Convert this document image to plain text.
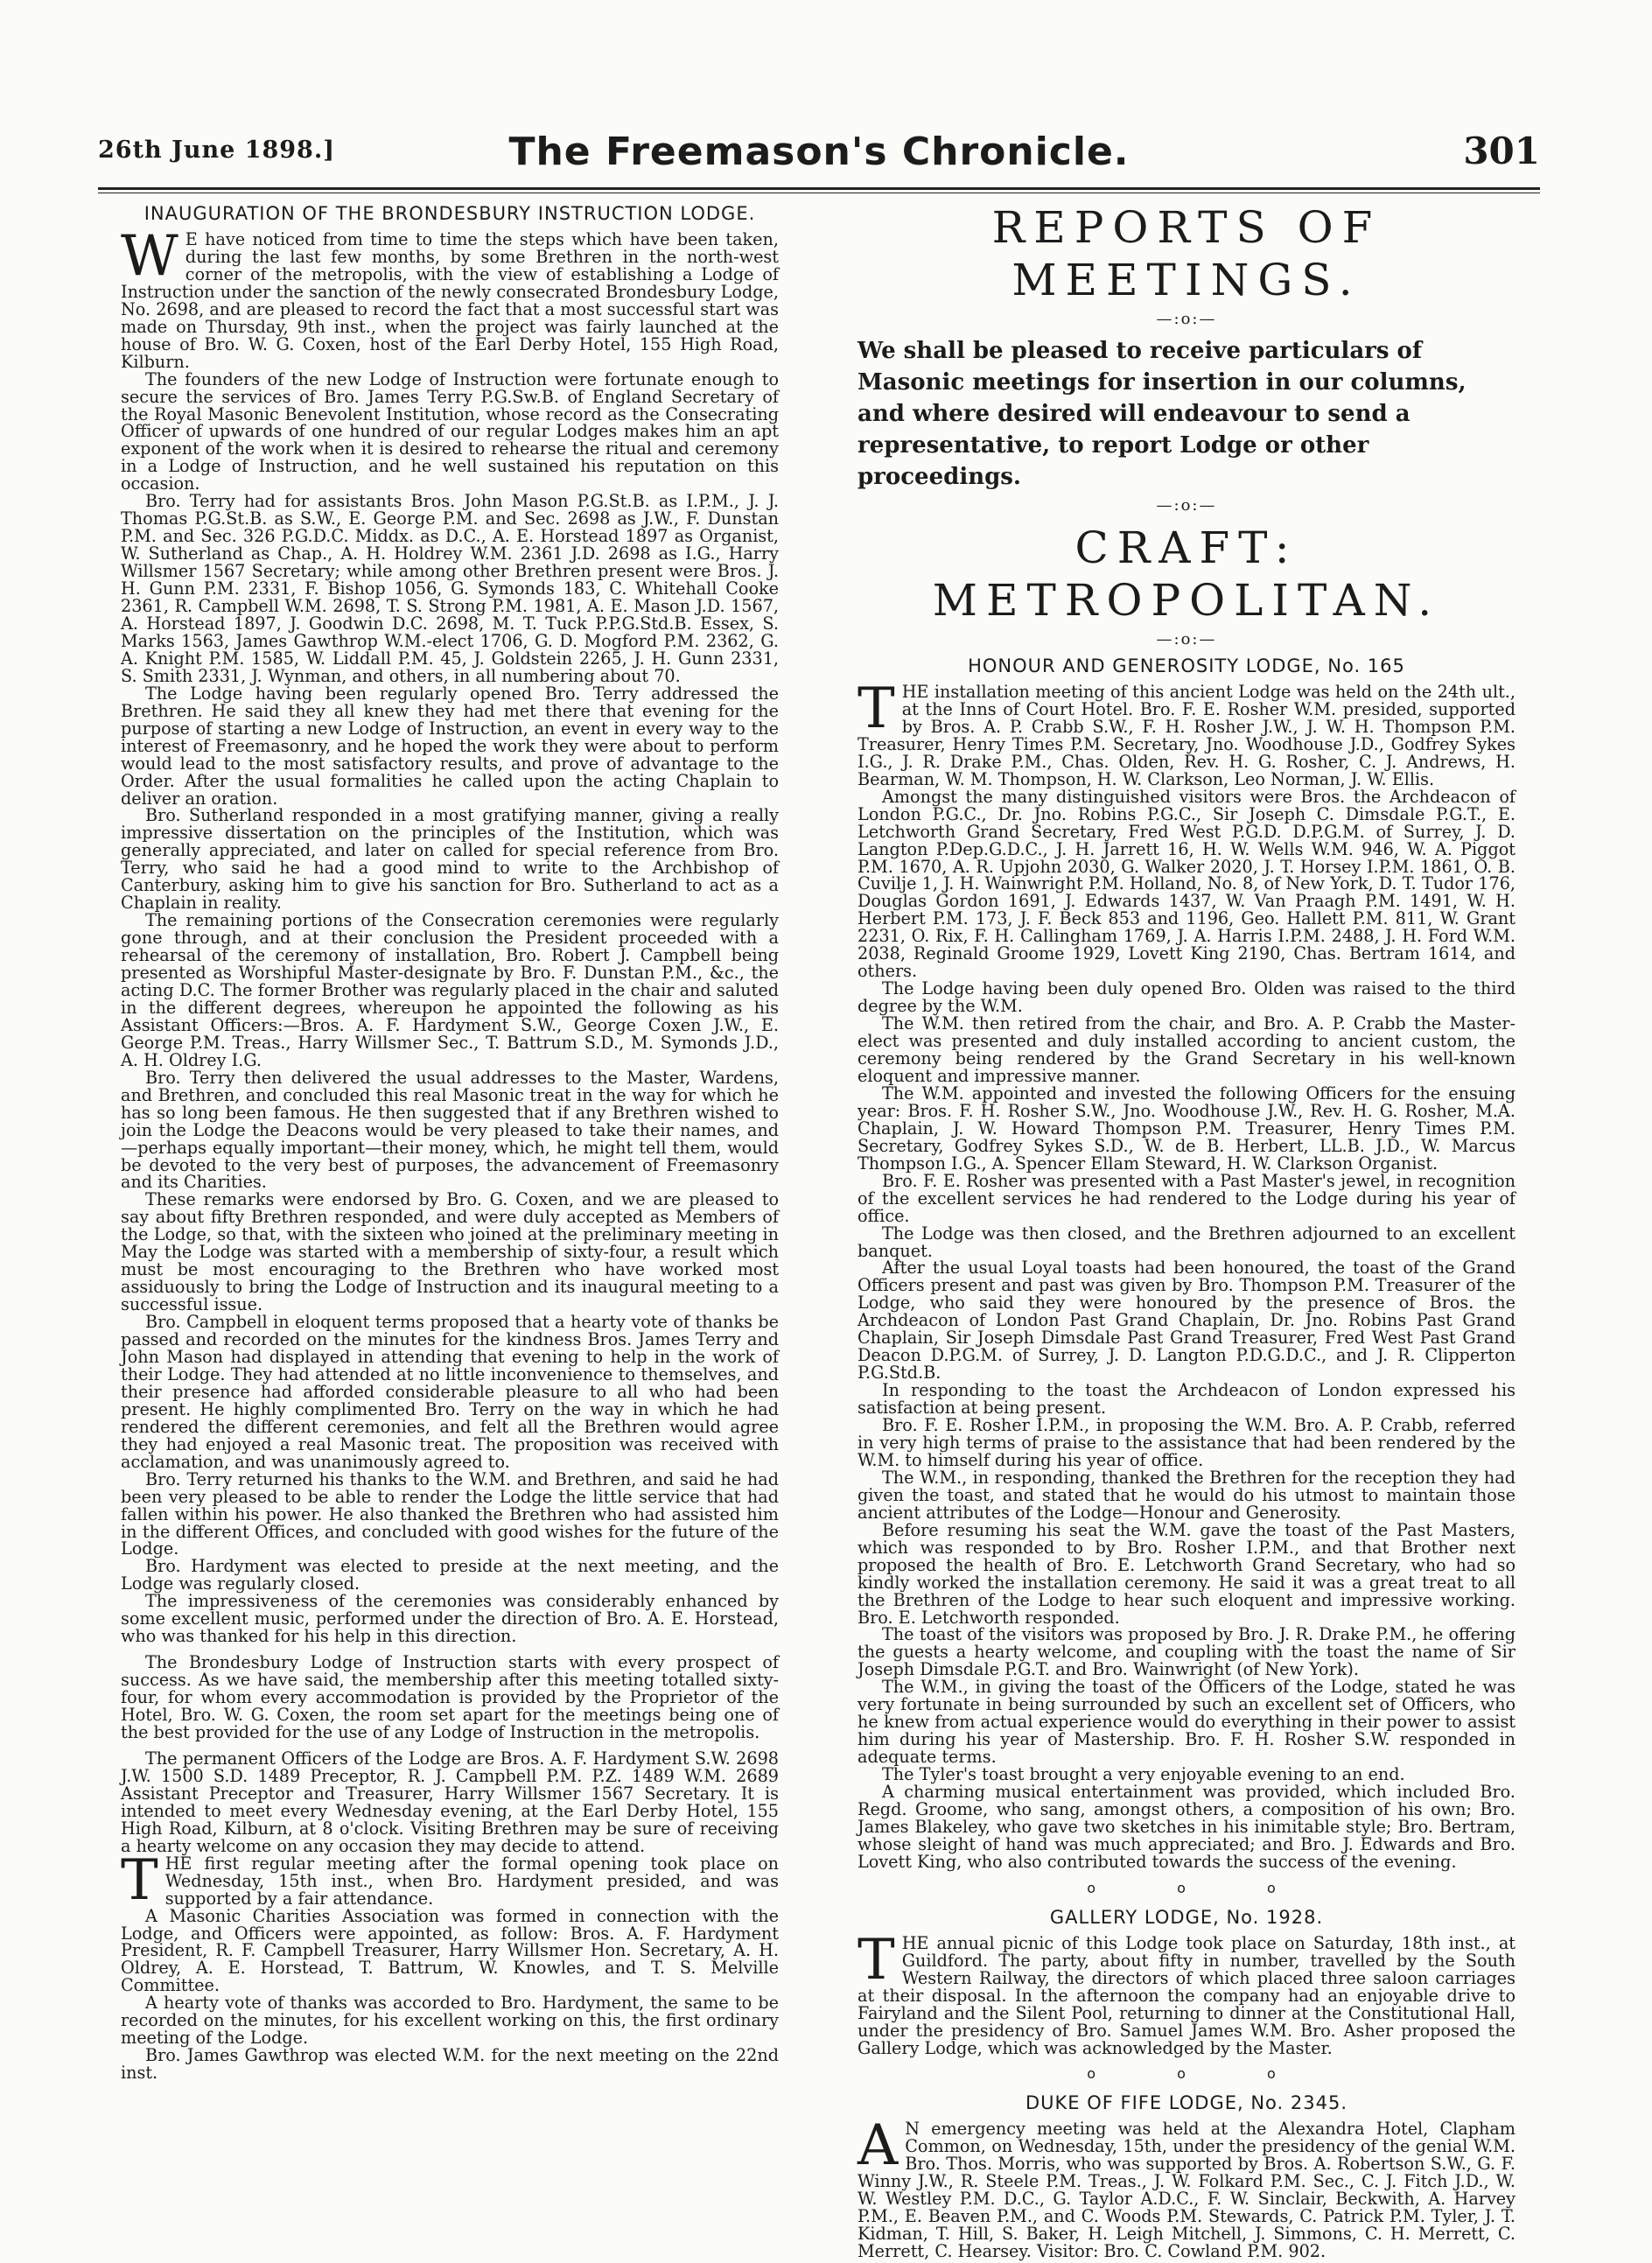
26th June 1898.]	The Freemason's Chronicle.	301
INAUGURATION OF THE BRONDESBURY INSTRUCTION LODGE.

W E have noticed from time to time the steps which have been taken, during the last few months, by some Brethren in the north-west corner of the metropolis, with the view of establishing a Lodge of Instruction under the sanction of the newly consecrated Brondesbury Lodge, No. 2698, and are pleased to record the fact that a most successful start was made on Thursday, 9th inst., when the project was fairly launched at the house of Bro. W. G. Coxen, host of the Earl Derby Hotel, 155 High Road, Kilburn.

The founders of the new Lodge of Instruction were fortunate enough to secure the services of Bro. James Terry P.G.Sw.B. of England Secretary of the Royal Masonic Benevolent Institution, whose record as the Consecrating Officer of upwards of one hundred of our regular Lodges makes him an apt exponent of the work when it is desired to rehearse the ritual and ceremony in a Lodge of Instruction, and he well sustained his reputation on this occasion.

Bro. Terry had for assistants Bros. John Mason P.G.St.B. as I.P.M., J. J. Thomas P.G.St.B. as S.W., E. George P.M. and Sec. 2698 as J.W., F. Dunstan P.M. and Sec. 326 P.G.D.C. Middx. as D.C., A. E. Horstead 1897 as Organist, W. Sutherland as Chap., A. H. Holdrey W.M. 2361 J.D. 2698 as I.G., Harry Willsmer 1567 Secretary; while among other Brethren present were Bros. J. H. Gunn P.M. 2331, F. Bishop 1056, G. Symonds 183, C. Whitehall Cooke 2361, R. Campbell W.M. 2698, T. S. Strong P.M. 1981, A. E. Mason J.D. 1567, A. Horstead 1897, J. Goodwin D.C. 2698, M. T. Tuck P.P.G.Std.B. Essex, S. Marks 1563, James Gawthrop W.M.-elect 1706, G. D. Mogford P.M. 2362, G. A. Knight P.M. 1585, W. Liddall P.M. 45, J. Goldstein 2265, J. H. Gunn 2331, S. Smith 2331, J. Wynman, and others, in all numbering about 70.

The Lodge having been regularly opened Bro. Terry addressed the Brethren. He said they all knew they had met there that evening for the purpose of starting a new Lodge of Instruction, an event in every way to the interest of Freemasonry, and he hoped the work they were about to perform would lead to the most satisfactory results, and prove of advantage to the Order. After the usual formalities he called upon the acting Chaplain to deliver an oration.

Bro. Sutherland responded in a most gratifying manner, giving a really impressive dissertation on the principles of the Institution, which was generally appreciated, and later on called for special reference from Bro. Terry, who said he had a good mind to write to the Archbishop of Canterbury, asking him to give his sanction for Bro. Sutherland to act as a Chaplain in reality.

The remaining portions of the Consecration ceremonies were regularly gone through, and at their conclusion the President proceeded with a rehearsal of the ceremony of installation, Bro. Robert J. Campbell being presented as Worshipful Master-designate by Bro. F. Dunstan P.M., &c., the acting D.C. The former Brother was regularly placed in the chair and saluted in the different degrees, whereupon he appointed the following as his Assistant Officers:—Bros. A. F. Hardyment S.W., George Coxen J.W., E. George P.M. Treas., Harry Willsmer Sec., T. Battrum S.D., M. Symonds J.D., A. H. Oldrey I.G.

Bro. Terry then delivered the usual addresses to the Master, Wardens, and Brethren, and concluded this real Masonic treat in the way for which he has so long been famous. He then suggested that if any Brethren wished to join the Lodge the Deacons would be very pleased to take their names, and—perhaps equally important—their money, which, he might tell them, would be devoted to the very best of purposes, the advancement of Freemasonry and its Charities.

These remarks were endorsed by Bro. G. Coxen, and we are pleased to say about fifty Brethren responded, and were duly accepted as Members of the Lodge, so that, with the sixteen who joined at the preliminary meeting in May the Lodge was started with a membership of sixty-four, a result which must be most encouraging to the Brethren who have worked most assiduously to bring the Lodge of Instruction and its inaugural meeting to a successful issue.

Bro. Campbell in eloquent terms proposed that a hearty vote of thanks be passed and recorded on the minutes for the kindness Bros. James Terry and John Mason had displayed in attending that evening to help in the work of their Lodge. They had attended at no little inconvenience to themselves, and their presence had afforded considerable pleasure to all who had been present. He highly complimented Bro. Terry on the way in which he had rendered the different ceremonies, and felt all the Brethren would agree they had enjoyed a real Masonic treat. The proposition was received with acclamation, and was unanimously agreed to.

Bro. Terry returned his thanks to the W.M. and Brethren, and said he had been very pleased to be able to render the Lodge the little service that had fallen within his power. He also thanked the Brethren who had assisted him in the different Offices, and concluded with good wishes for the future of the Lodge.

Bro. Hardyment was elected to preside at the next meeting, and the Lodge was regularly closed.

The impressiveness of the ceremonies was considerably enhanced by some excellent music, performed under the direction of Bro. A. E. Horstead, who was thanked for his help in this direction.

The Brondesbury Lodge of Instruction starts with every prospect of success. As we have said, the membership after this meeting totalled sixty-four, for whom every accommodation is provided by the Proprietor of the Hotel, Bro. W. G. Coxen, the room set apart for the meetings being one of the best provided for the use of any Lodge of Instruction in the metropolis.

The permanent Officers of the Lodge are Bros. A. F. Hardyment S.W. 2698 J.W. 1500 S.D. 1489 Preceptor, R. J. Campbell P.M. P.Z. 1489 W.M. 2689 Assistant Preceptor and Treasurer, Harry Willsmer 1567 Secretary. It is intended to meet every Wednesday evening, at the Earl Derby Hotel, 155 High Road, Kilburn, at 8 o'clock. Visiting Brethren may be sure of receiving a hearty welcome on any occasion they may decide to attend.

THE first regular meeting after the formal opening took place on Wednesday, 15th inst., when Bro. Hardyment presided, and was supported by a fair attendance.

A Masonic Charities Association was formed in connection with the Lodge, and Officers were appointed, as follow: Bros. A. F. Hardyment President, R. F. Campbell Treasurer, Harry Willsmer Hon. Secretary, A. H. Oldrey, A. E. Horstead, T. Battrum, W. Knowles, and T. S. Melville Committee.

A hearty vote of thanks was accorded to Bro. Hardyment, the same to be recorded on the minutes, for his excellent working on this, the first ordinary meeting of the Lodge.

Bro. James Gawthrop was elected W.M. for the next meeting on the 22nd inst.

REPORTS OF MEETINGS.
—:o:—
We shall be pleased to receive particulars of Masonic meetings for insertion in our columns, and where desired will endeavour to send a representative, to report Lodge or other proceedings.
—:o:—
CRAFT: METROPOLITAN.
—:o:—
HONOUR AND GENEROSITY LODGE, No. 165

THE installation meeting of this ancient Lodge was held on the 24th ult., at the Inns of Court Hotel. Bro. F. E. Rosher W.M. presided, supported by Bros. A. P. Crabb S.W., F. H. Rosher J.W., J. W. H. Thompson P.M. Treasurer, Henry Times P.M. Secretary, Jno. Woodhouse J.D., Godfrey Sykes I.G., J. R. Drake P.M., Chas. Olden, Rev. H. G. Rosher, C. J. Andrews, H. Bearman, W. M. Thompson, H. W. Clarkson, Leo Norman, J. W. Ellis.

Amongst the many distinguished visitors were Bros. the Archdeacon of London P.G.C., Dr. Jno. Robins P.G.C., Sir Joseph C. Dimsdale P.G.T., E. Letchworth Grand Secretary, Fred West P.G.D. D.P.G.M. of Surrey, J. D. Langton P.Dep.G.D.C., J. H. Jarrett 16, H. W. Wells W.M. 946, W. A. Piggot P.M. 1670, A. R. Upjohn 2030, G. Walker 2020, J. T. Horsey I.P.M. 1861, O. B. Cuvilje 1, J. H. Wainwright P.M. Holland, No. 8, of New York, D. T. Tudor 176, Douglas Gordon 1691, J. Edwards 1437, W. Van Praagh P.M. 1491, W. H. Herbert P.M. 173, J. F. Beck 853 and 1196, Geo. Hallett P.M. 811, W. Grant 2231, O. Rix, F. H. Callingham 1769, J. A. Harris I.P.M. 2488, J. H. Ford W.M. 2038, Reginald Groome 1929, Lovett King 2190, Chas. Bertram 1614, and others.

The Lodge having been duly opened Bro. Olden was raised to the third degree by the W.M.

The W.M. then retired from the chair, and Bro. A. P. Crabb the Master-elect was presented and duly installed according to ancient custom, the ceremony being rendered by the Grand Secretary in his well-known eloquent and impressive manner.

The W.M. appointed and invested the following Officers for the ensuing year: Bros. F. H. Rosher S.W., Jno. Woodhouse J.W., Rev. H. G. Rosher, M.A. Chaplain, J. W. Howard Thompson P.M. Treasurer, Henry Times P.M. Secretary, Godfrey Sykes S.D., W. de B. Herbert, LL.B. J.D., W. Marcus Thompson I.G., A. Spencer Ellam Steward, H. W. Clarkson Organist.

Bro. F. E. Rosher was presented with a Past Master's jewel, in recognition of the excellent services he had rendered to the Lodge during his year of office.

The Lodge was then closed, and the Brethren adjourned to an excellent banquet.

After the usual Loyal toasts had been honoured, the toast of the Grand Officers present and past was given by Bro. Thompson P.M. Treasurer of the Lodge, who said they were honoured by the presence of Bros. the Archdeacon of London Past Grand Chaplain, Dr. Jno. Robins Past Grand Chaplain, Sir Joseph Dimsdale Past Grand Treasurer, Fred West Past Grand Deacon D.P.G.M. of Surrey, J. D. Langton P.D.G.D.C., and J. R. Clipperton P.G.Std.B.

In responding to the toast the Archdeacon of London expressed his satisfaction at being present.

Bro. F. E. Rosher I.P.M., in proposing the W.M. Bro. A. P. Crabb, referred in very high terms of praise to the assistance that had been rendered by the W.M. to himself during his year of office.

The W.M., in responding, thanked the Brethren for the reception they had given the toast, and stated that he would do his utmost to maintain those ancient attributes of the Lodge—Honour and Generosity.

Before resuming his seat the W.M. gave the toast of the Past Masters, which was responded to by Bro. Rosher I.P.M., and that Brother next proposed the health of Bro. E. Letchworth Grand Secretary, who had so kindly worked the installation ceremony. He said it was a great treat to all the Brethren of the Lodge to hear such eloquent and impressive working. Bro. E. Letchworth responded.

The toast of the visitors was proposed by Bro. J. R. Drake P.M., he offering the guests a hearty welcome, and coupling with the toast the name of Sir Joseph Dimsdale P.G.T. and Bro. Wainwright (of New York).

The W.M., in giving the toast of the Officers of the Lodge, stated he was very fortunate in being surrounded by such an excellent set of Officers, who he knew from actual experience would do everything in their power to assist him during his year of Mastership. Bro. F. H. Rosher S.W. responded in adequate terms.

The Tyler's toast brought a very enjoyable evening to an end.

A charming musical entertainment was provided, which included Bro. Regd. Groome, who sang, amongst others, a composition of his own; Bro. James Blakeley, who gave two sketches in his inimitable style; Bro. Bertram, whose sleight of hand was much appreciated; and Bro. J. Edwards and Bro. Lovett King, who also contributed towards the success of the evening.

o o o
GALLERY LODGE, No. 1928.

THE annual picnic of this Lodge took place on Saturday, 18th inst., at Guildford. The party, about fifty in number, travelled by the South Western Railway, the directors of which placed three saloon carriages at their disposal. In the afternoon the company had an enjoyable drive to Fairyland and the Silent Pool, returning to dinner at the Constitutional Hall, under the presidency of Bro. Samuel James W.M. Bro. Asher proposed the Gallery Lodge, which was acknowledged by the Master.

o o o
DUKE OF FIFE LODGE, No. 2345.

A N emergency meeting was held at the Alexandra Hotel, Clapham Common, on Wednesday, 15th, under the presidency of the genial W.M. Bro. Thos. Morris, who was supported by Bros. A. Robertson S.W., G. F. Winny J.W., R. Steele P.M. Treas., J. W. Folkard P.M. Sec., C. J. Fitch J.D., W. W. Westley P.M. D.C., G. Taylor A.D.C., F. W. Sinclair, Beckwith, A. Harvey P.M., E. Beaven P.M., and C. Woods P.M. Stewards, C. Patrick P.M. Tyler, J. T. Kidman, T. Hill, S. Baker, H. Leigh Mitchell, J. Simmons, C. H. Merrett, C. Merrett, C. Hearsey. Visitor: Bro. C. Cowland P.M. 902.
